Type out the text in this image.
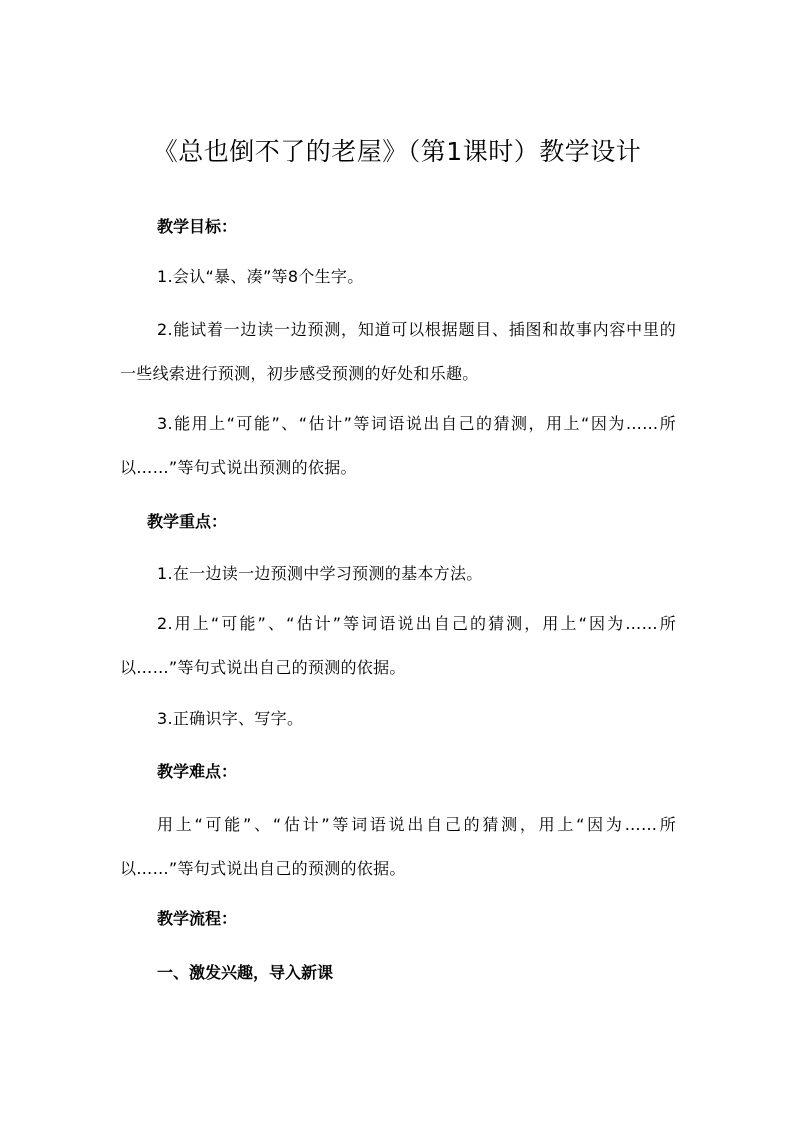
《总也倒不了的老屋》（第1课时）教学设计

教学目标：

1.会认“暴、凑”等8个生字。

2.能试着一边读一边预测，知道可以根据题目、插图和故事内容中里的一些线索进行预测，初步感受预测的好处和乐趣。

3.能用上“可能”、“估计”等词语说出自己的猜测，用上“因为……所以……”等句式说出预测的依据。

教学重点：

1.在一边读一边预测中学习预测的基本方法。

2.用上“可能”、“估计”等词语说出自己的猜测，用上“因为……所以……”等句式说出自己的预测的依据。

3.正确识字、写字。

教学难点：

用上“可能”、“估计”等词语说出自己的猜测，用上“因为……所以……”等句式说出自己的预测的依据。

教学流程：

一、激发兴趣，导入新课
